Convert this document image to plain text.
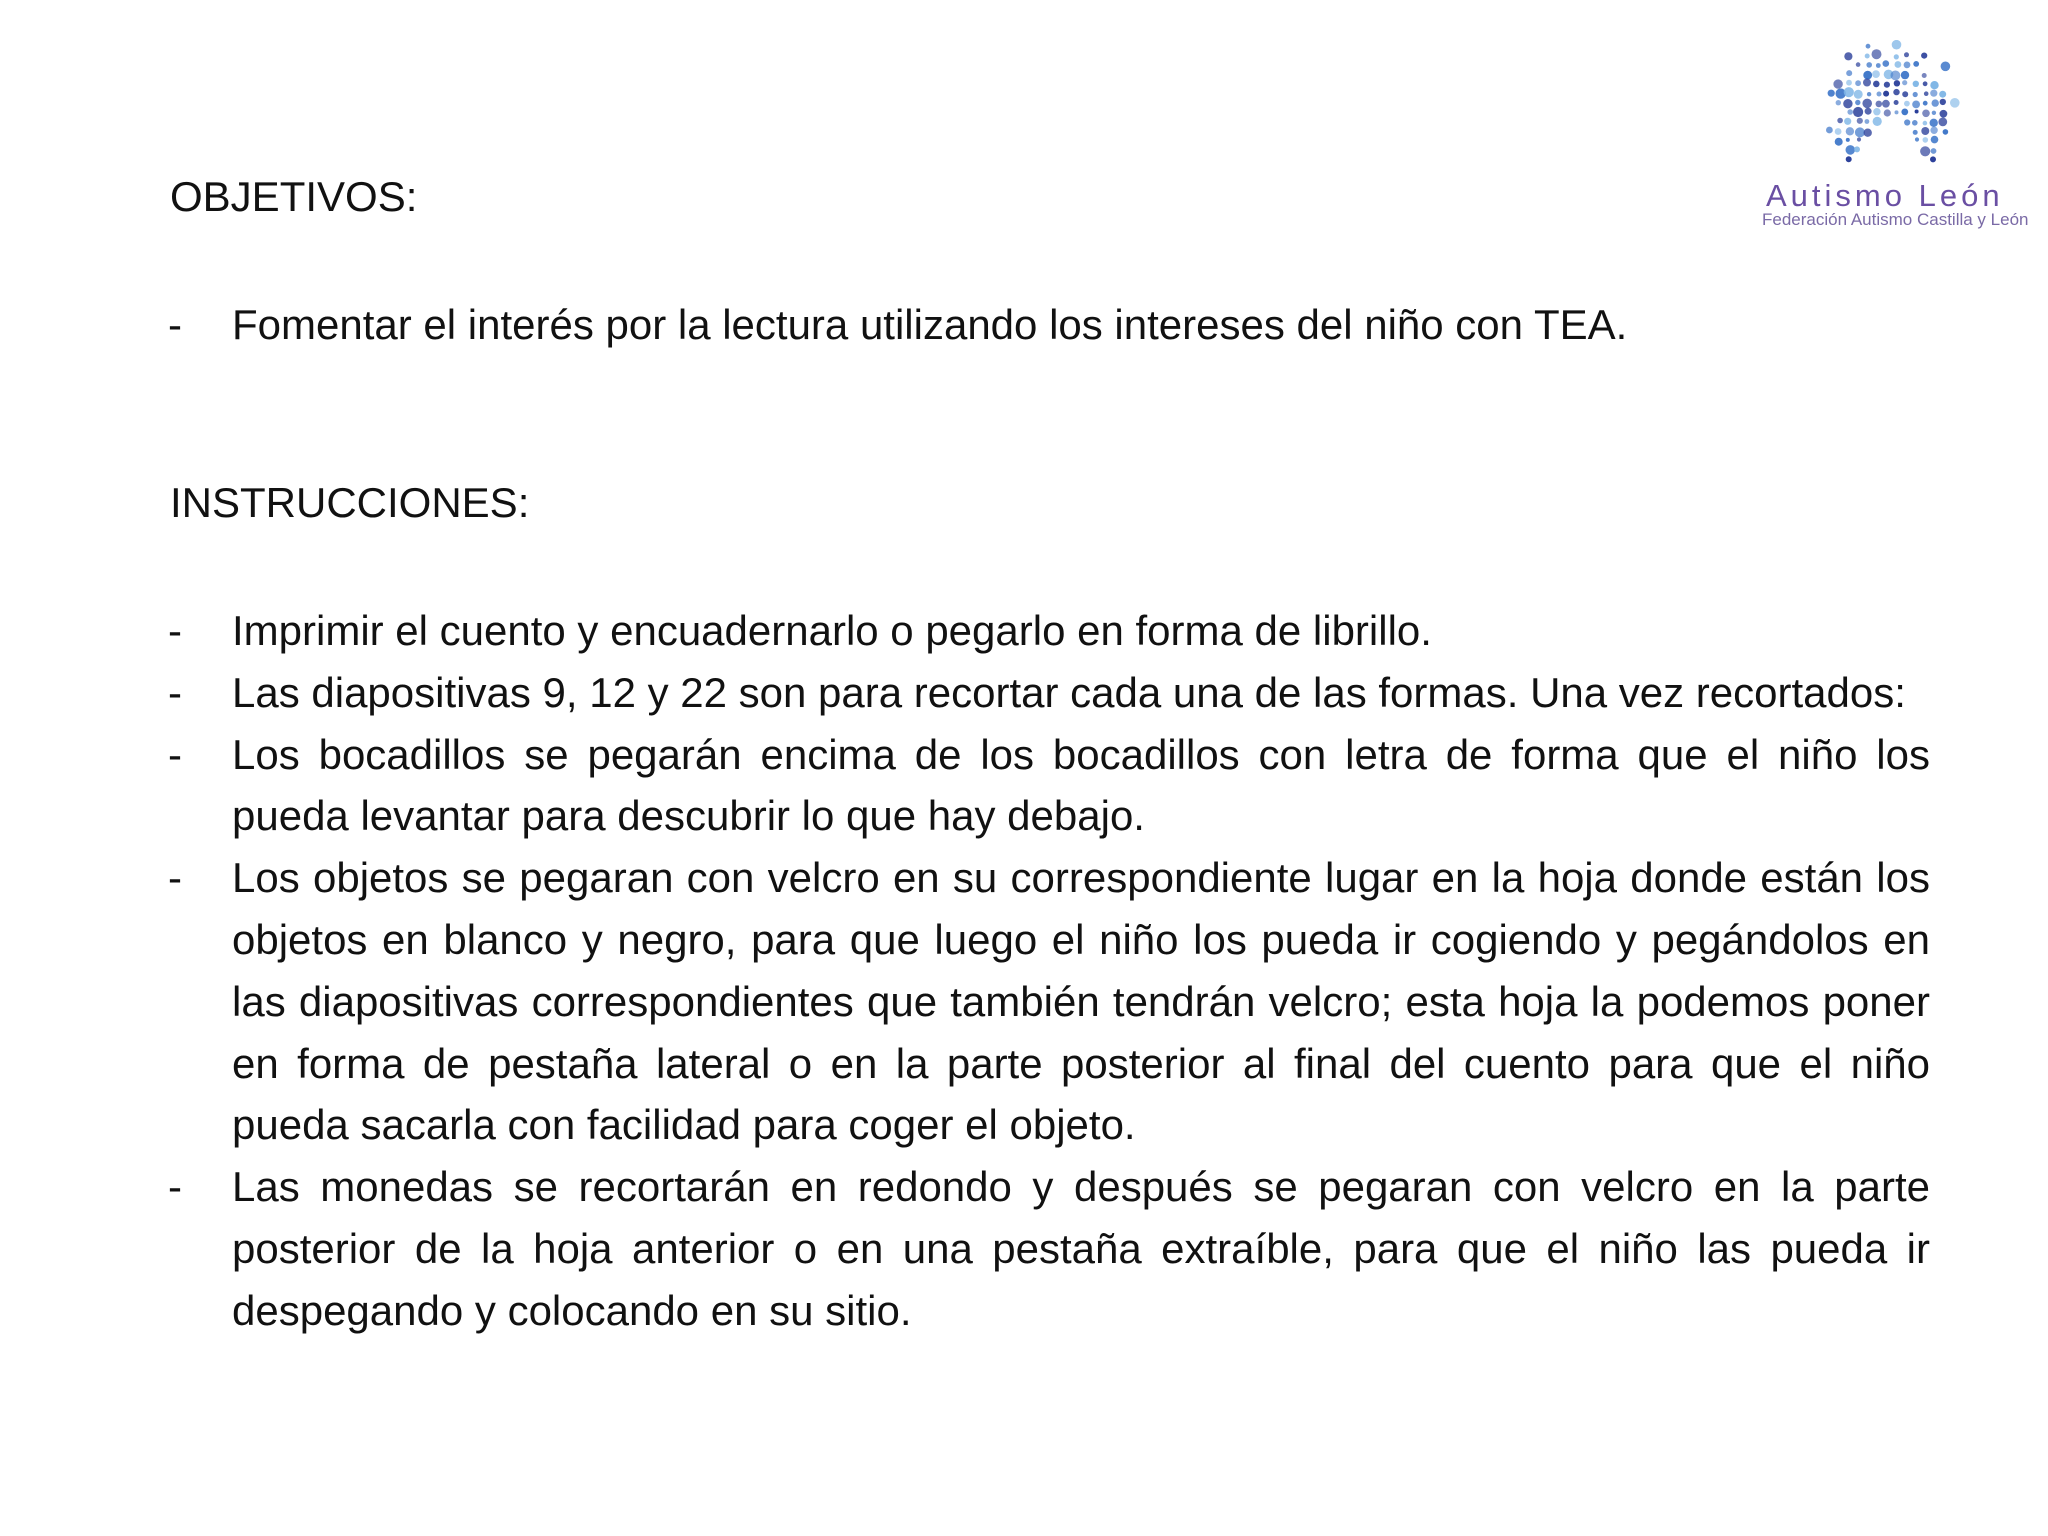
Autismo León
Federación Autismo Castilla y León
OBJETIVOS:
- Fomentar el interés por la lectura utilizando los intereses del niño con TEA.
INSTRUCCIONES:
- Imprimir el cuento y encuadernarlo o pegarlo en forma de librillo.
- Las diapositivas 9, 12 y 22 son para recortar cada una de las formas. Una vez recortados:
- Los bocadillos se pegarán encima de los bocadillos con letra de forma que el niño los pueda levantar para descubrir lo que hay debajo.
- Los objetos se pegaran con velcro en su correspondiente lugar en la hoja donde están los objetos en blanco y negro, para que luego el niño los pueda ir cogiendo y pegándolos en las diapositivas correspondientes que también tendrán velcro; esta hoja la podemos poner en forma de pestaña lateral o en la parte posterior al final del cuento para que el niño pueda sacarla con facilidad para coger el objeto.
- Las monedas se recortarán en redondo y después se pegaran con velcro en la parte posterior de la hoja anterior o en una pestaña extraíble, para que el niño las pueda ir despegando y colocando en su sitio.
